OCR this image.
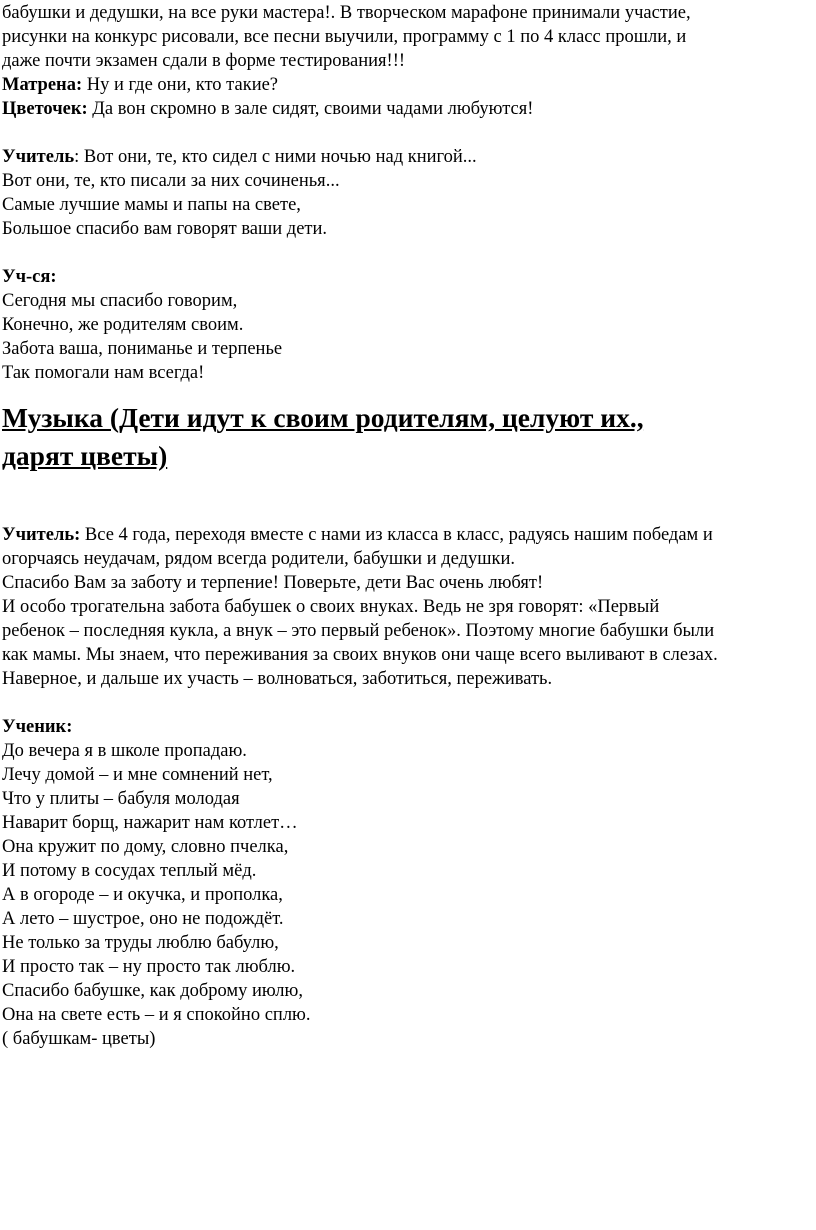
бабушки и дедушки, на все руки мастера!. В творческом марафоне принимали участие,
рисунки на конкурс рисовали, все песни выучили, программу с 1 по 4 класс прошли, и
даже почти экзамен сдали в форме тестирования!!!
Матрена: Ну и где они, кто такие?
Цветочек: Да вон скромно в зале сидят, своими чадами любуются!
Учитель: Вот они, те, кто сидел с ними ночью над книгой...
Вот они, те, кто писали за них сочиненья...
Самые лучшие мамы и папы на свете,
Большое спасибо вам говорят ваши дети.
Уч-ся:
Сегодня мы спасибо говорим,
Конечно, же родителям своим.
Забота ваша, пониманье и терпенье
Так помогали нам всегда!
Музыка (Дети идут к своим родителям, целуют их.,
дарят цветы)
Учитель: Все 4 года, переходя вместе с нами из класса в класс, радуясь нашим победам и
огорчаясь неудачам, рядом всегда родители, бабушки и дедушки.
Спасибо Вам за заботу и терпение! Поверьте, дети Вас очень любят!
И особо трогательна забота бабушек о своих внуках. Ведь не зря говорят: «Первый
ребенок – последняя кукла, а внук – это первый ребенок». Поэтому многие бабушки были
как мамы. Мы знаем, что переживания за своих внуков они чаще всего выливают в слезах.
Наверное, и дальше их участь – волноваться, заботиться, переживать.
Ученик:
До вечера я в школе пропадаю.
Лечу домой – и мне сомнений нет,
Что у плиты – бабуля молодая
Наварит борщ, нажарит нам котлет…
Она кружит по дому, словно пчелка,
И потому в сосудах теплый мёд.
А в огороде – и окучка, и прополка,
А лето – шустрое, оно не подождёт.
Не только за труды люблю бабулю,
И просто так – ну просто так люблю.
Спасибо бабушке, как доброму июлю,
Она на свете есть – и я спокойно сплю.
( бабушкам- цветы)
